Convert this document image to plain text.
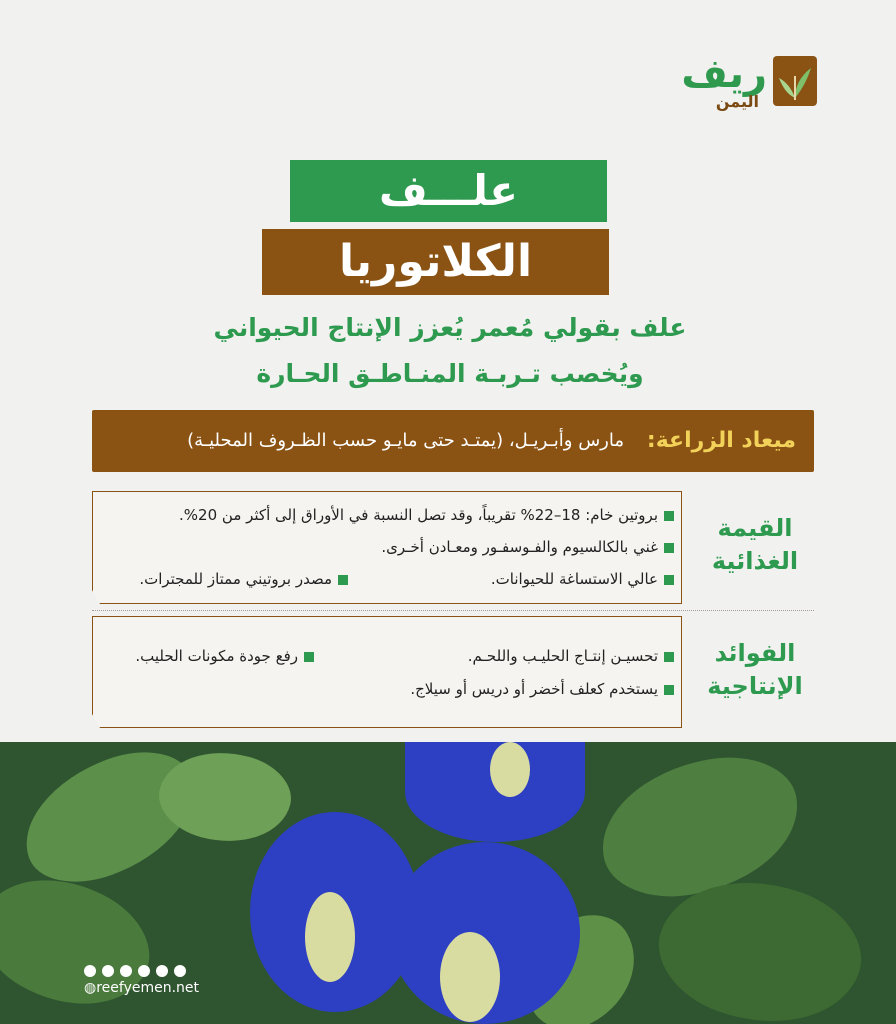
ريف
اليمن
علـــف
الكلاتوريا
علف بقولي مُعمر يُعزز الإنتاج الحيواني
ويُخصب تـربـة المنـاطـق الحـارة
ميعاد الزراعة:
مارس وأبـريـل، (يمتـد حتى مايـو حسب الظـروف المحليـة)
القيمة
الغذائية
بروتين خام: 18–22% تقريباً، وقد تصل النسبة في الأوراق إلى أكثر من 20%.
غني بالكالسيوم والفـوسفـور ومعـادن أخـرى.
عالي الاستساغة للحيوانات.
مصدر بروتيني ممتاز للمجترات.
الفوائد
الإنتاجية
تحسيـن إنتـاج الحليـب واللحـم.
رفع جودة مكونات الحليب.
يستخدم كعلف أخضر أو دريس أو سيلاج.
◍reefyemen.net
